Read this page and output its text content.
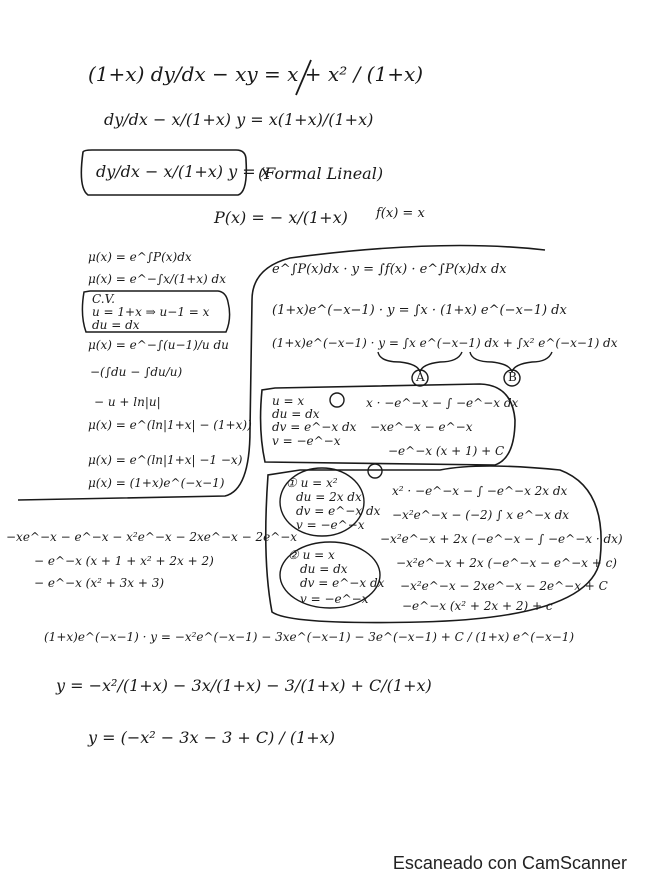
(1+x) dy/dx − xy = x + x² / (1+x)
dy/dx − x/(1+x) y = x(1+x)/(1+x)
dy/dx − x/(1+x) y = x
(Formal Lineal)
P(x) = − x/(1+x) f(x) = x
μ(x) = e^∫P(x)dx
μ(x) = e^−∫x/(1+x) dx
C.V.
u = 1+x ⇒ u−1 = x
du = dx
μ(x) = e^−∫(u−1)/u du
−(∫du − ∫du/u)
− u + ln|u|
μ(x) = e^(ln|1+x| − (1+x))
μ(x) = e^(ln|1+x| −1 −x)
μ(x) = (1+x)e^(−x−1)
e^∫P(x)dx · y = ∫f(x) · e^∫P(x)dx dx
(1+x)e^(−x−1) · y = ∫x · (1+x) e^(−x−1) dx
(1+x)e^(−x−1) · y = ∫x e^(−x−1) dx + ∫x² e^(−x−1) dx
A	B
u = x
du = dx
dv = e^−x dx
v = −e^−x
x · −e^−x − ∫ −e^−x dx
−xe^−x − e^−x
−e^−x (x + 1) + C
① u = x²
du = 2x dx
dv = e^−x dx
v = −e^−x
② u = x
du = dx
dv = e^−x dx
v = −e^−x
x² · −e^−x − ∫ −e^−x 2x dx
−x²e^−x − (−2) ∫ x e^−x dx
−x²e^−x + 2x (−e^−x − ∫ −e^−x · dx)
−x²e^−x + 2x (−e^−x − e^−x + c)
−x²e^−x − 2xe^−x − 2e^−x + C
−e^−x (x² + 2x + 2) + c
−xe^−x − e^−x − x²e^−x − 2xe^−x − 2e^−x
− e^−x (x + 1 + x² + 2x + 2)
− e^−x (x² + 3x + 3)
(1+x)e^(−x−1) · y = −x²e^(−x−1) − 3xe^(−x−1) − 3e^(−x−1) + C / (1+x) e^(−x−1)
y = −x²/(1+x) − 3x/(1+x) − 3/(1+x) + C/(1+x)
y = (−x² − 3x − 3 + C) / (1+x)
Escaneado con CamScanner
